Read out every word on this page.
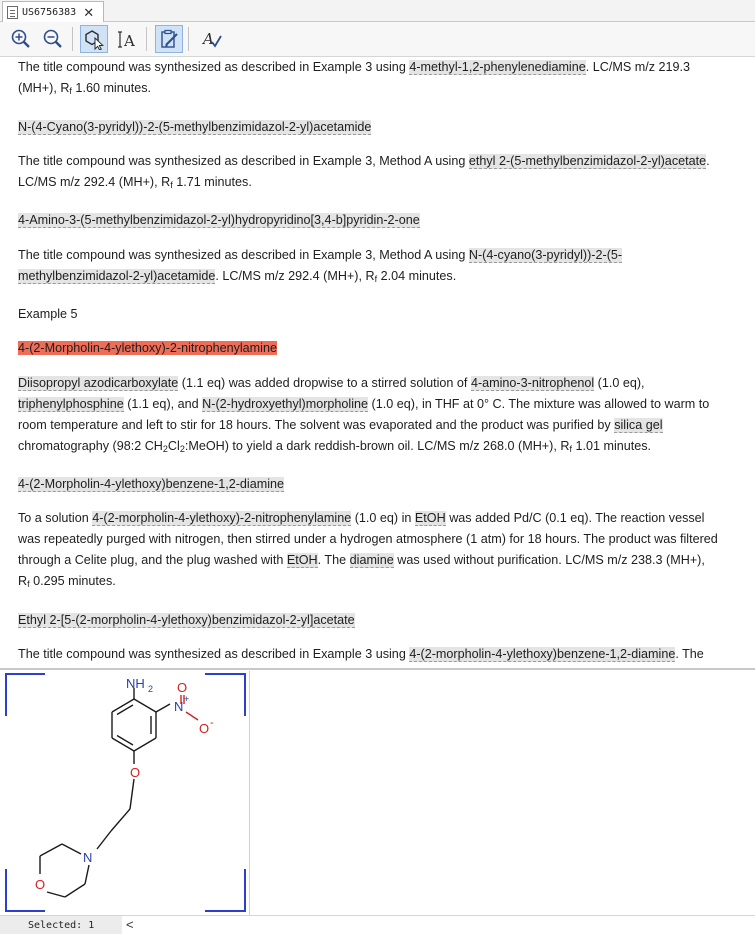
US6756383 ✕
A	A

The title compound was synthesized as described in Example 3 using 4-methyl-1,2-phenylenediamine. LC/MS m/z 219.3

(MH+), $R_f$ 1.60 minutes.

N-(4-Cyano(3-pyridyl))-2-(5-methylbenzimidazol-2-yl)acetamide

The title compound was synthesized as described in Example 3, Method A using ethyl 2-(5-methylbenzimidazol-2-yl)acetate.

LC/MS m/z 292.4 (MH+), $R_f$ 1.71 minutes.

4-Amino-3-(5-methylbenzimidazol-2-yl)hydropyridino[3,4-b]pyridin-2-one

The title compound was synthesized as described in Example 3, Method A using N-(4-cyano(3-pyridyl))-2-(5-

methylbenzimidazol-2-yl)acetamide. LC/MS m/z 292.4 (MH+), $R_f$ 2.04 minutes.

Example 5

4-(2-Morpholin-4-ylethoxy)-2-nitrophenylamine

Diisopropyl azodicarboxylate (1.1 eq) was added dropwise to a stirred solution of 4-amino-3-nitrophenol (1.0 eq),

triphenylphosphine (1.1 eq), and N-(2-hydroxyethyl)morpholine (1.0 eq), in THF at 0° C. The mixture was allowed to warm to

room temperature and left to stir for 18 hours. The solvent was evaporated and the product was purified by silica gel

chromatography (98:2 $CH_2Cl_2:MeOH$) to yield a dark reddish-brown oil. LC/MS m/z 268.0 (MH+), $R_f$ 1.01 minutes.

4-(2-Morpholin-4-ylethoxy)benzene-1,2-diamine

To a solution 4-(2-morpholin-4-ylethoxy)-2-nitrophenylamine (1.0 eq) in EtOH was added Pd/C (0.1 eq). The reaction vessel

was repeatedly purged with nitrogen, then stirred under a hydrogen atmosphere (1 atm) for 18 hours. The product was filtered

through a Celite plug, and the plug washed with EtOH. The diamine was used without purification. LC/MS m/z 238.3 (MH+),

$R_f$ 0.295 minutes.

Ethyl 2-[5-(2-morpholin-4-ylethoxy)benzimidazol-2-yl]acetate

The title compound was synthesized as described in Example 3 using 4-(2-morpholin-4-ylethoxy)benzene-1,2-diamine. The

NH 2
N +
O
O -
O
N
O
Selected: 1	<
